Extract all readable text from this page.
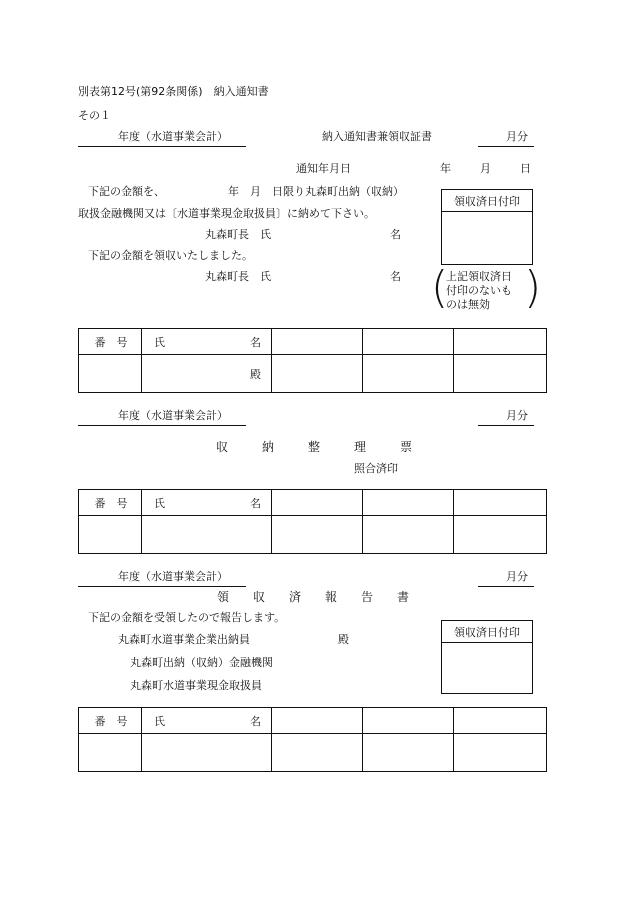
別表第12号(第92条関係)　納入通知書
その１
年度（水道事業会計）	納入通知書兼領収証書	月分
通知年月日	年	月	日
下記の金額を、	年　月　日限り丸森町出納（収納）
取扱金融機関又は〔水道事業現金取扱員〕に納めて下さい。
丸森町長　氏	名
下記の金額を領収いたしました。
丸森町長　氏	名
領収済日付印
(
上記領収済日
付印のないも
のは無効 )
番　号	氏 名			

	殿			
年度（水道事業会計）	月分
収	納	整	理	票
照合済印
番　号	氏 名			

年度（水道事業会計）	月分
領 収 済 報 告 書
下記の金額を受領したので報告します。
丸森町水道事業企業出納員	殿
丸森町出納（収納）金融機関
丸森町水道事業現金取扱員
領収済日付印
番　号	氏 名			
